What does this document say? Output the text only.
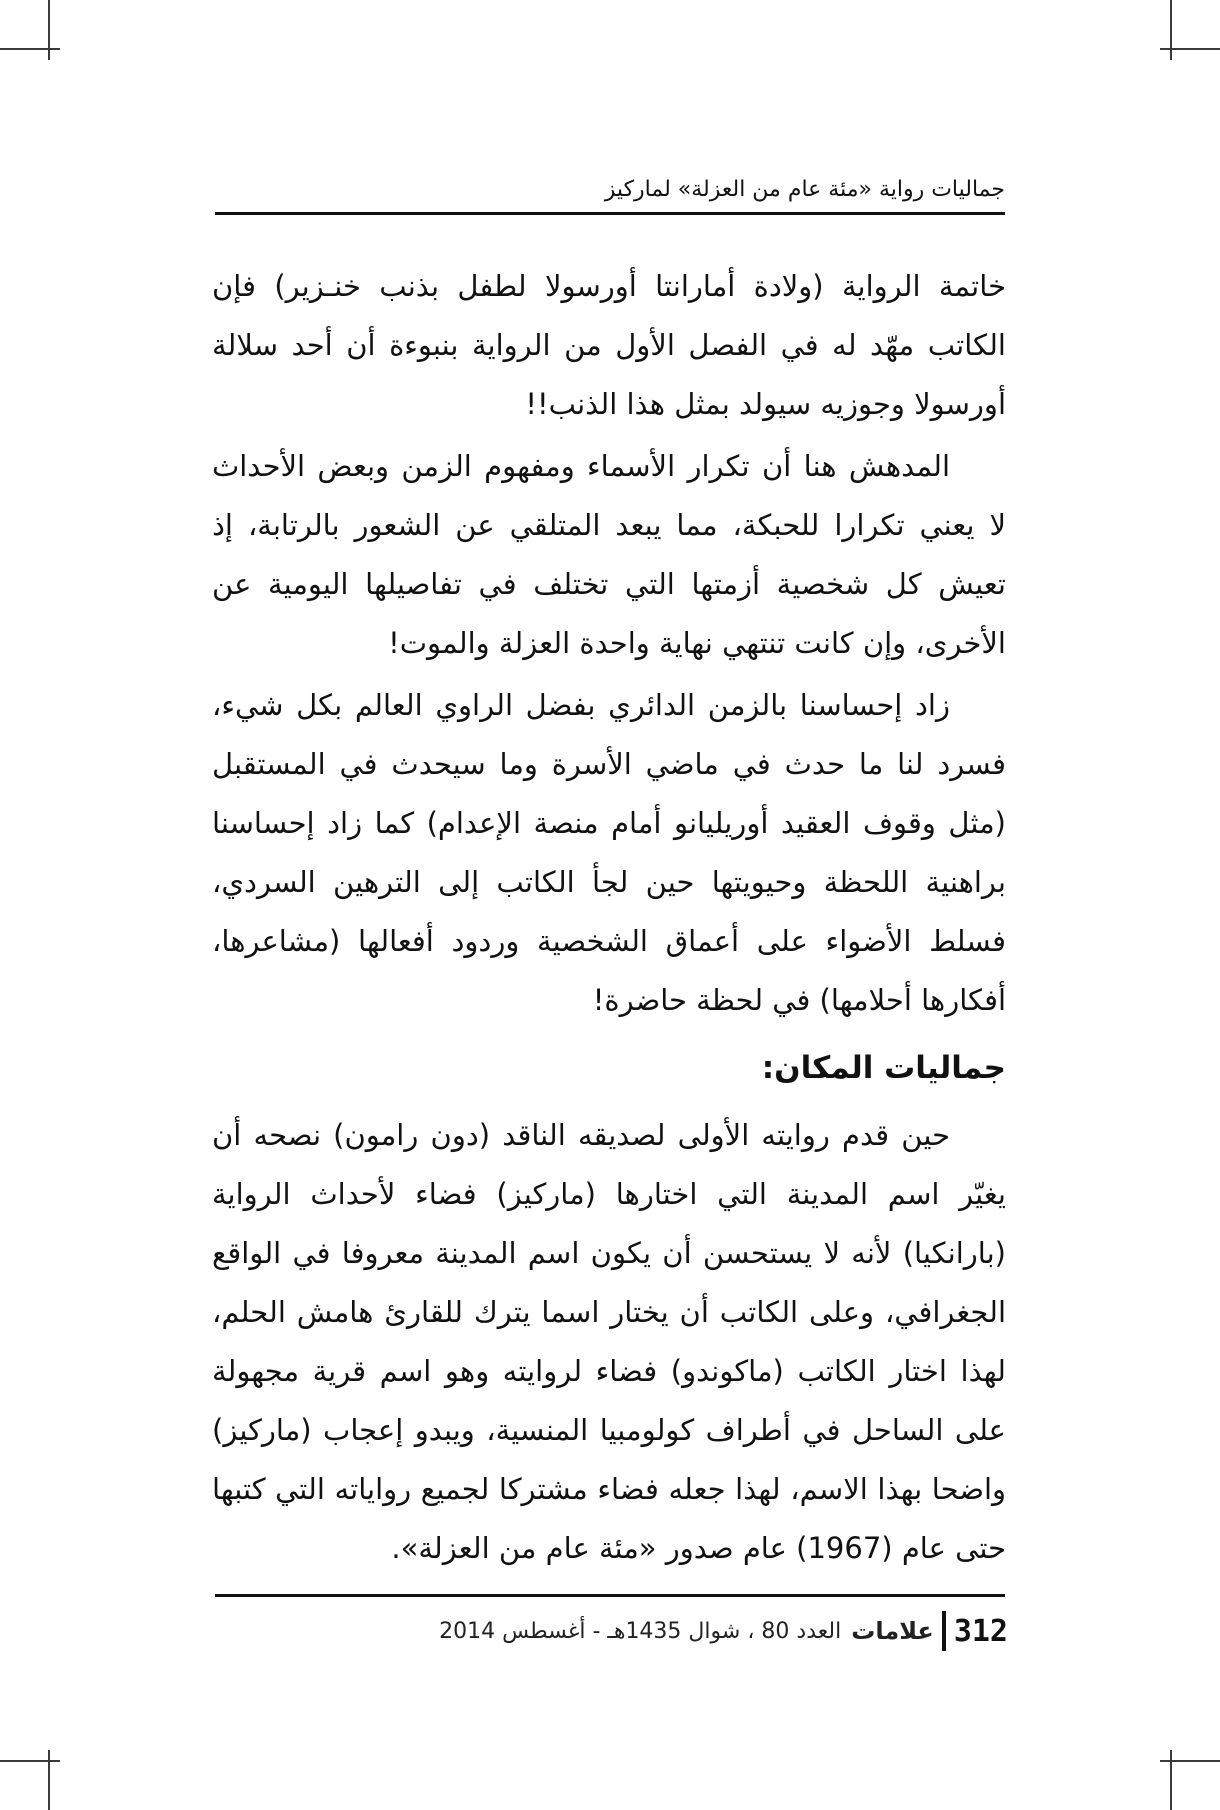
جماليات رواية «مئة عام من العزلة» لماركيز

خاتمة الرواية (ولادة أمارانتا أورسولا لطفل بذنب خنـزير) فإن الكاتب مهّد له في الفصل الأول من الرواية بنبوءة أن أحد سلالة أورسولا وجوزيه سيولد بمثل هذا الذنب!!

المدهش هنا أن تكرار الأسماء ومفهوم الزمن وبعض الأحداث لا يعني تكرارا للحبكة، مما يبعد المتلقي عن الشعور بالرتابة، إذ تعيش كل شخصية أزمتها التي تختلف في تفاصيلها اليومية عن الأخرى، وإن كانت تنتهي نهاية واحدة العزلة والموت!

زاد إحساسنا بالزمن الدائري بفضل الراوي العالم بكل شيء، فسرد لنا ما حدث في ماضي الأسرة وما سيحدث في المستقبل (مثل وقوف العقيد أوريليانو أمام منصة الإعدام) كما زاد إحساسنا براهنية اللحظة وحيويتها حين لجأ الكاتب إلى الترهين السردي، فسلط الأضواء على أعماق الشخصية وردود أفعالها (مشاعرها، أفكارها أحلامها) في لحظة حاضرة!

جماليات المكان:

حين قدم روايته الأولى لصديقه الناقد (دون رامون) نصحه أن يغيّر اسم المدينة التي اختارها (ماركيز) فضاء لأحداث الرواية (بارانكيا) لأنه لا يستحسن أن يكون اسم المدينة معروفا في الواقع الجغرافي، وعلى الكاتب أن يختار اسما يترك للقارئ هامش الحلم، لهذا اختار الكاتب (ماكوندو) فضاء لروايته وهو اسم قرية مجهولة على الساحل في أطراف كولومبيا المنسية، ويبدو إعجاب (ماركيز) واضحا بهذا الاسم، لهذا جعله فضاء مشتركا لجميع رواياته التي كتبها حتى عام (1967) عام صدور «مئة عام من العزلة».

العدد 80 ، شوال 1435هـ - أغسطس 2014 علامات 312
